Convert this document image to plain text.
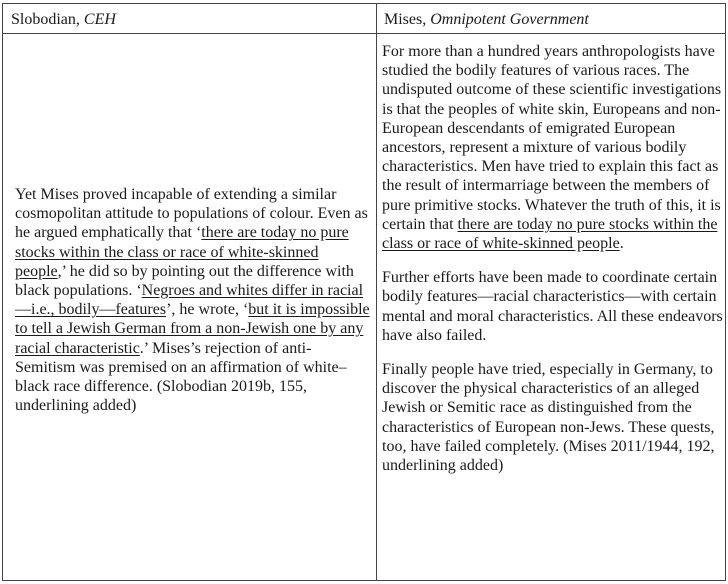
Slobodian, CEH	Mises, Omnipotent Government
Yet Mises proved incapable of extending a similar cosmopolitan attitude to populations of colour. Even as he argued emphatically that ‘there are today no pure stocks within the class or race of white-skinned people,’ he did so by pointing out the difference with black populations. ‘Negroes and whites differ in racial—i.e., bodily—features’, he wrote, ‘but it is impossible to tell a Jewish German from a non-Jewish one by any racial characteristic.’ Mises’s rejection of anti-Semitism was premised on an affirmation of white–black race difference. (Slobodian 2019b, 155, underlining added)

For more than a hundred years anthropologists have studied the bodily features of various races. The undisputed outcome of these scientific investigations is that the peoples of white skin, Europeans and non-European descendants of emigrated European ancestors, represent a mixture of various bodily characteristics. Men have tried to explain this fact as the result of intermarriage between the members of pure primitive stocks. Whatever the truth of this, it is certain that there are today no pure stocks within the class or race of white-skinned people.

Further efforts have been made to coordinate certain bodily features—racial characteristics—with certain mental and moral characteristics. All these endeavors have also failed.

Finally people have tried, especially in Germany, to discover the physical characteristics of an alleged Jewish or Semitic race as distinguished from the characteristics of European non-Jews. These quests, too, have failed completely. (Mises 2011/1944, 192, underlining added)
